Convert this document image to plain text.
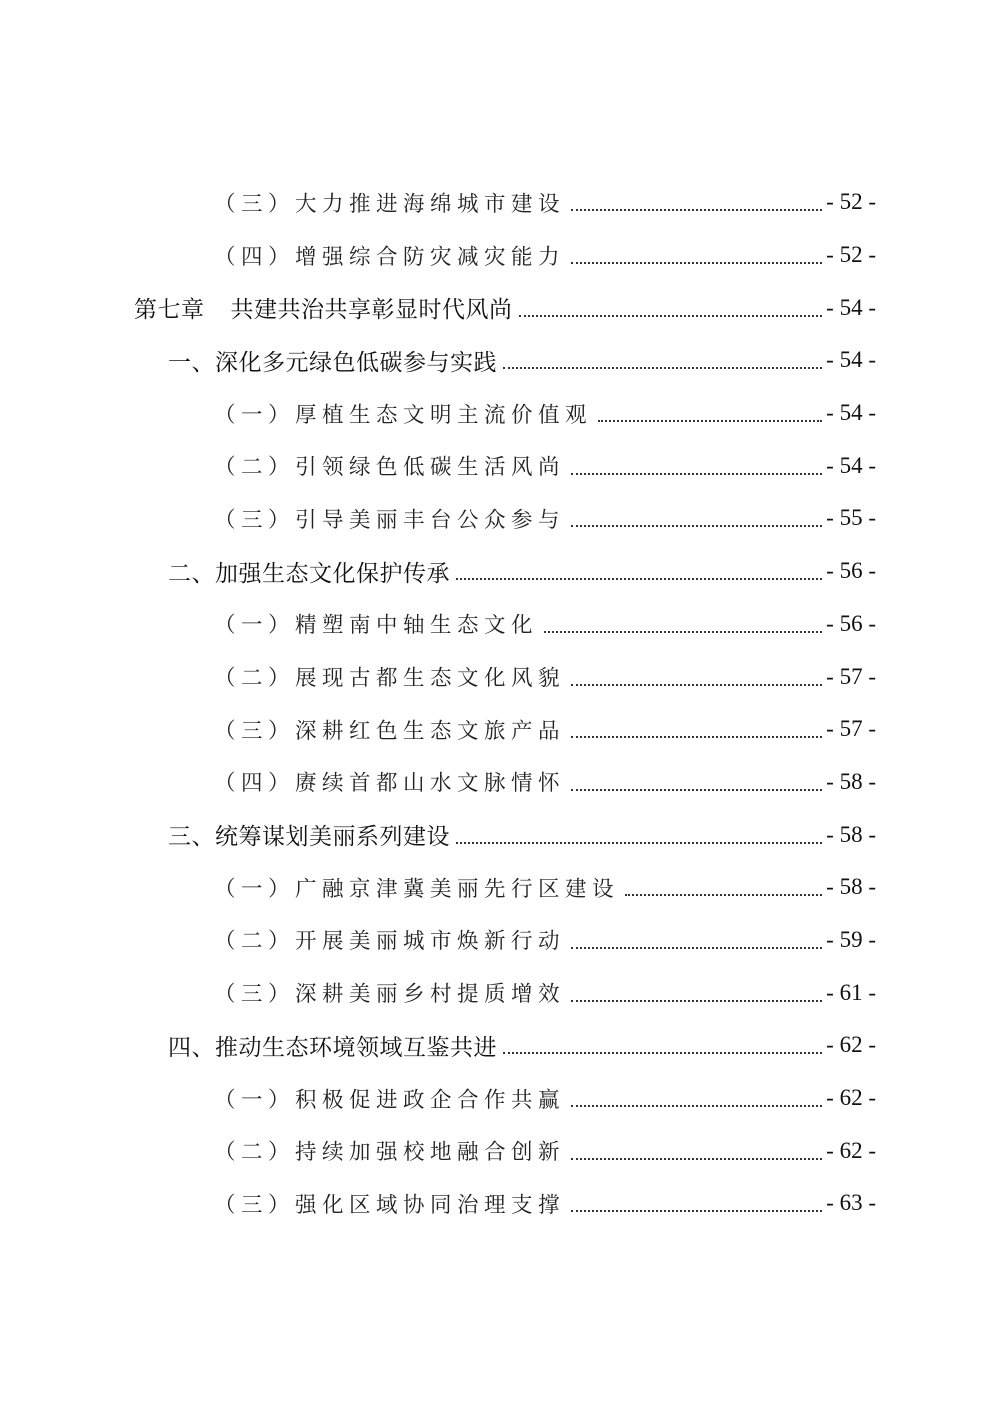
（三）大力推进海绵城市建设	- 52 -
（四）增强综合防灾减灾能力	- 52 -
第七章 共建共治共享彰显时代风尚	- 54 -
一、深化多元绿色低碳参与实践	- 54 -
（一）厚植生态文明主流价值观	- 54 -
（二）引领绿色低碳生活风尚	- 54 -
（三）引导美丽丰台公众参与	- 55 -
二、加强生态文化保护传承	- 56 -
（一）精塑南中轴生态文化	- 56 -
（二）展现古都生态文化风貌	- 57 -
（三）深耕红色生态文旅产品	- 57 -
（四）赓续首都山水文脉情怀	- 58 -
三、统筹谋划美丽系列建设	- 58 -
（一）广融京津冀美丽先行区建设	- 58 -
（二）开展美丽城市焕新行动	- 59 -
（三）深耕美丽乡村提质增效	- 61 -
四、推动生态环境领域互鉴共进	- 62 -
（一）积极促进政企合作共赢	- 62 -
（二）持续加强校地融合创新	- 62 -
（三）强化区域协同治理支撑	- 63 -
